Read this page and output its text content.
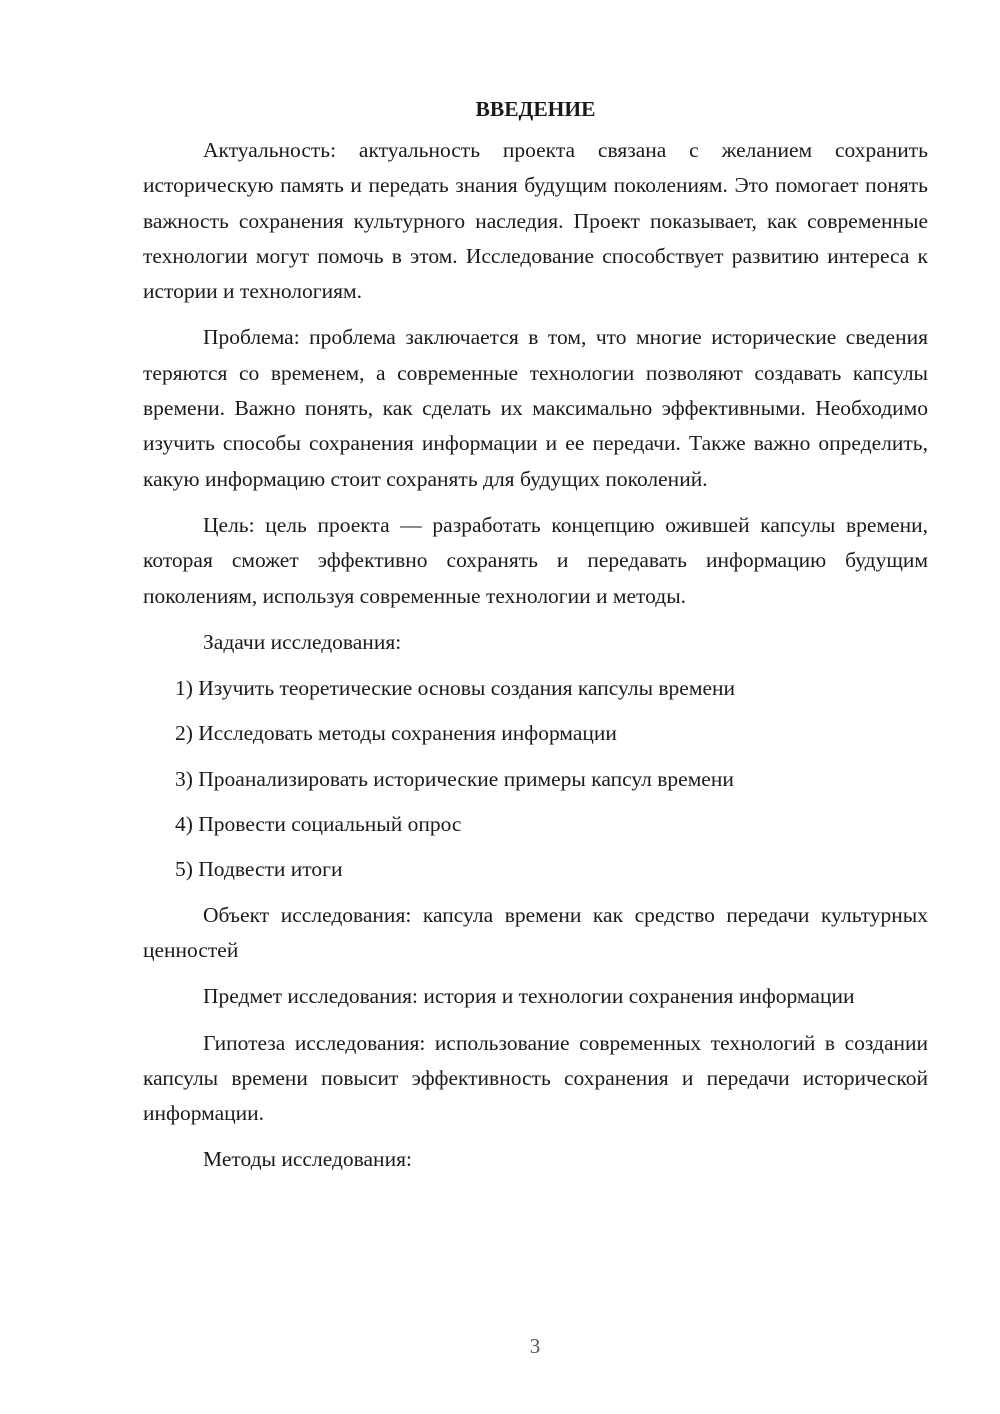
ВВЕДЕНИЕ

Актуальность: актуальность проекта связана с желанием сохранить историческую память и передать знания будущим поколениям. Это помогает понять важность сохранения культурного наследия. Проект показывает, как современные технологии могут помочь в этом. Исследование способствует развитию интереса к истории и технологиям.

Проблема: проблема заключается в том, что многие исторические сведения теряются со временем, а современные технологии позволяют создавать капсулы времени. Важно понять, как сделать их максимально эффективными. Необходимо изучить способы сохранения информации и ее передачи. Также важно определить, какую информацию стоит сохранять для будущих поколений.

Цель: цель проекта — разработать концепцию ожившей капсулы времени, которая сможет эффективно сохранять и передавать информацию будущим поколениям, используя современные технологии и методы.

Задачи исследования:

1) Изучить теоретические основы создания капсулы времени

2) Исследовать методы сохранения информации

3) Проанализировать исторические примеры капсул времени

4) Провести социальный опрос

5) Подвести итоги

Объект исследования: капсула времени как средство передачи культурных ценностей

Предмет исследования: история и технологии сохранения информации

Гипотеза исследования: использование современных технологий в создании капсулы времени повысит эффективность сохранения и передачи исторической информации.

Методы исследования:

3
